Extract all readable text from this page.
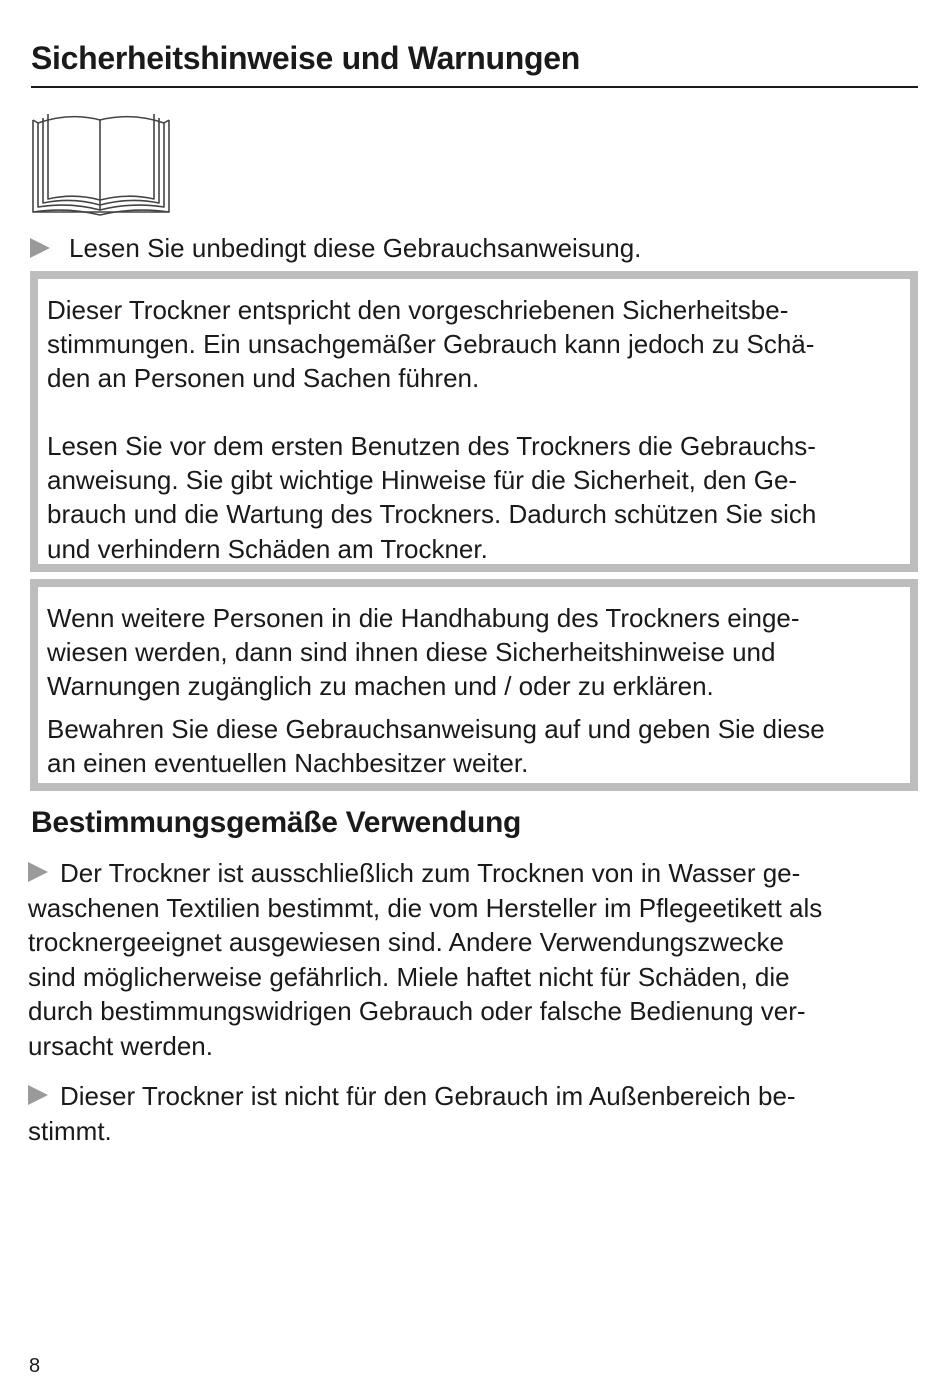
Sicherheitshinweise und Warnungen
Lesen Sie unbedingt diese Gebrauchsanweisung.

Dieser Trockner entspricht den vorgeschriebenen Sicherheitsbe-
stimmungen. Ein unsachgemäßer Gebrauch kann jedoch zu Schä-
den an Personen und Sachen führen.

Lesen Sie vor dem ersten Benutzen des Trockners die Gebrauchs-
anweisung. Sie gibt wichtige Hinweise für die Sicherheit, den Ge-
brauch und die Wartung des Trockners. Dadurch schützen Sie sich
und verhindern Schäden am Trockner.

Wenn weitere Personen in die Handhabung des Trockners einge-
wiesen werden, dann sind ihnen diese Sicherheitshinweise und
Warnungen zugänglich zu machen und / oder zu erklären.

Bewahren Sie diese Gebrauchsanweisung auf und geben Sie diese
an einen eventuellen Nachbesitzer weiter.

Bestimmungsgemäße Verwendung

Der Trockner ist ausschließlich zum Trocknen von in Wasser ge-
waschenen Textilien bestimmt, die vom Hersteller im Pflegeetikett als
trocknergeeignet ausgewiesen sind. Andere Verwendungszwecke
sind möglicherweise gefährlich. Miele haftet nicht für Schäden, die
durch bestimmungswidrigen Gebrauch oder falsche Bedienung ver-
ursacht werden.

Dieser Trockner ist nicht für den Gebrauch im Außenbereich be-
stimmt.

8
